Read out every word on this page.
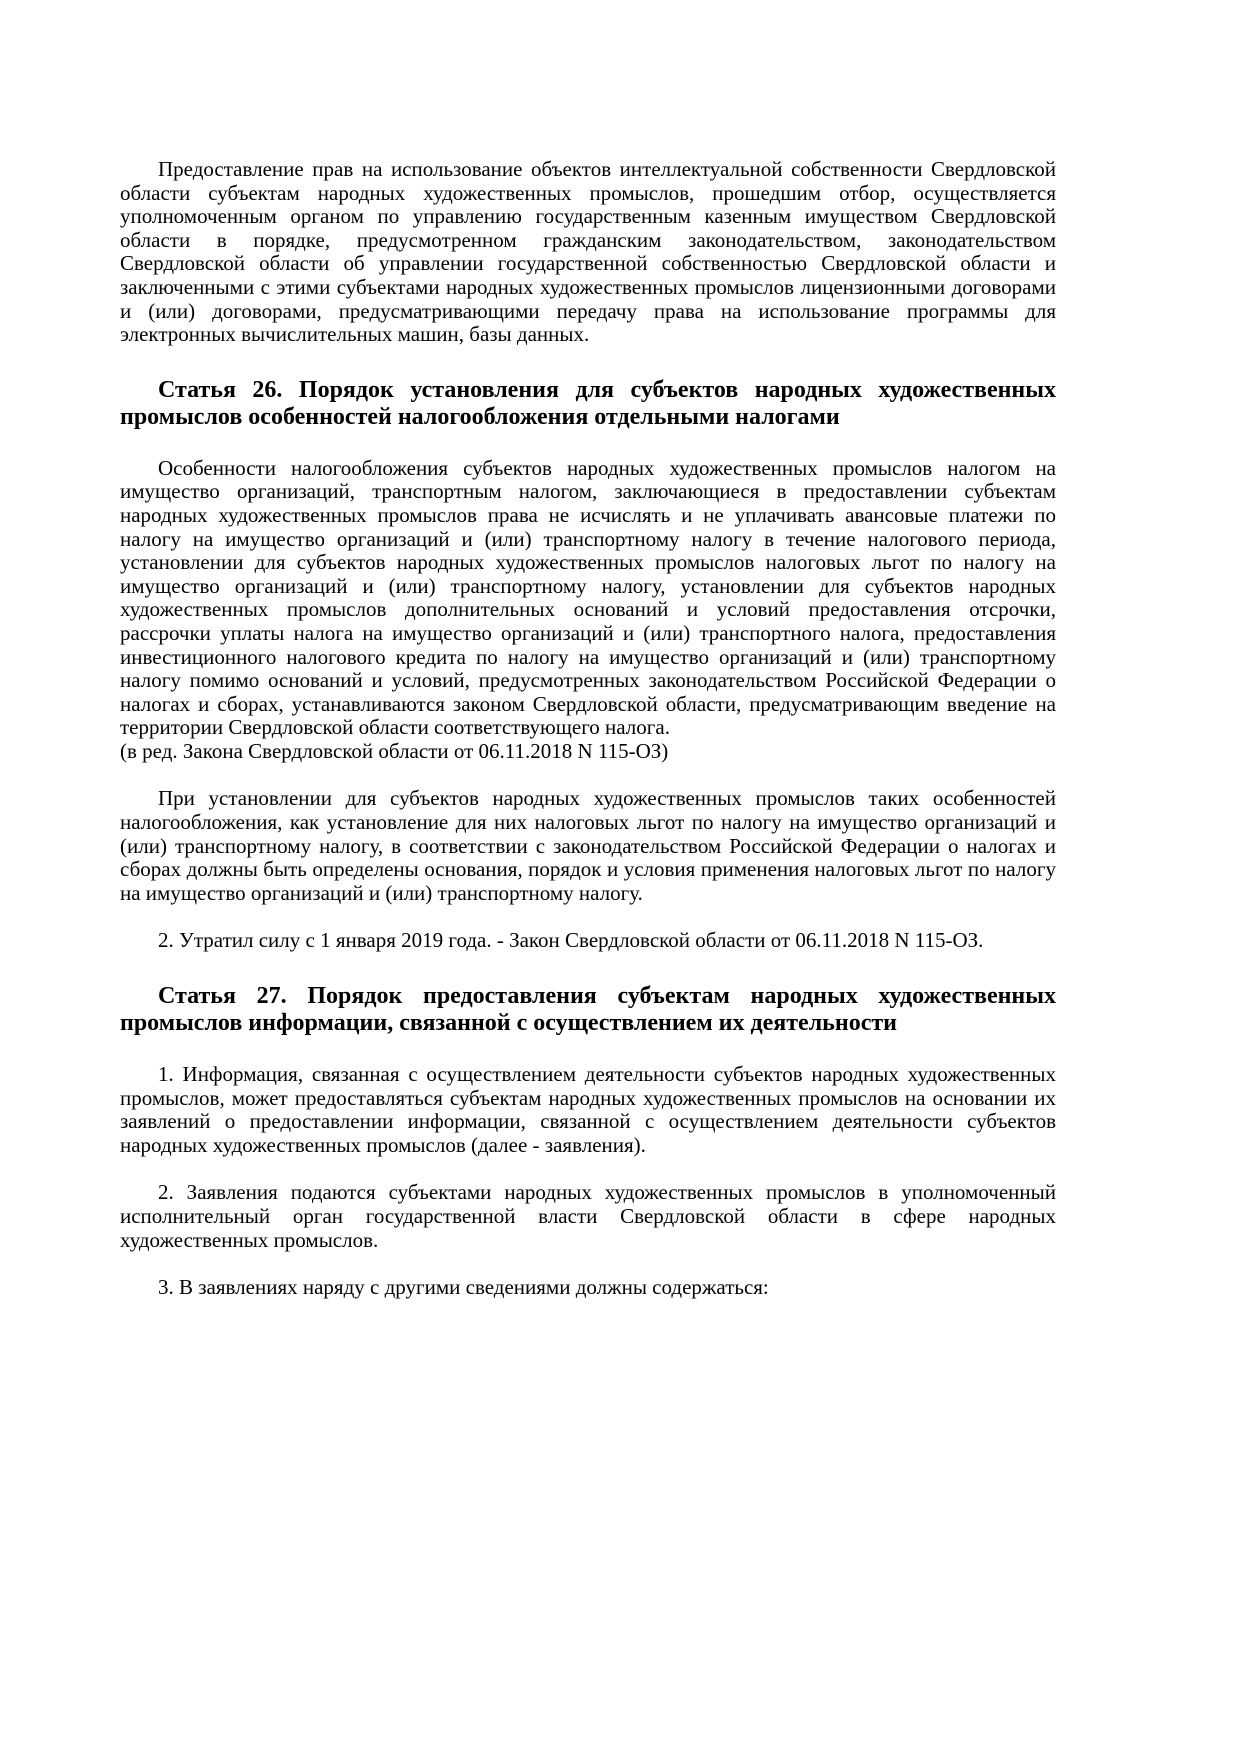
Предоставление прав на использование объектов интеллектуальной собственности Свердловской области субъектам народных художественных промыслов, прошедшим отбор, осуществляется уполномоченным органом по управлению государственным казенным имуществом Свердловской области в порядке, предусмотренном гражданским законодательством, законодательством Свердловской области об управлении государственной собственностью Свердловской области и заключенными с этими субъектами народных художественных промыслов лицензионными договорами и (или) договорами, предусматривающими передачу права на использование программы для электронных вычислительных машин, базы данных.

Статья 26. Порядок установления для субъектов народных художественных промыслов особенностей налогообложения отдельными налогами

Особенности налогообложения субъектов народных художественных промыслов налогом на имущество организаций, транспортным налогом, заключающиеся в предоставлении субъектам народных художественных промыслов права не исчислять и не уплачивать авансовые платежи по налогу на имущество организаций и (или) транспортному налогу в течение налогового периода, установлении для субъектов народных художественных промыслов налоговых льгот по налогу на имущество организаций и (или) транспортному налогу, установлении для субъектов народных художественных промыслов дополнительных оснований и условий предоставления отсрочки, рассрочки уплаты налога на имущество организаций и (или) транспортного налога, предоставления инвестиционного налогового кредита по налогу на имущество организаций и (или) транспортному налогу помимо оснований и условий, предусмотренных законодательством Российской Федерации о налогах и сборах, устанавливаются законом Свердловской области, предусматривающим введение на территории Свердловской области соответствующего налога.

(в ред. Закона Свердловской области от 06.11.2018 N 115-ОЗ)

При установлении для субъектов народных художественных промыслов таких особенностей налогообложения, как установление для них налоговых льгот по налогу на имущество организаций и (или) транспортному налогу, в соответствии с законодательством Российской Федерации о налогах и сборах должны быть определены основания, порядок и условия применения налоговых льгот по налогу на имущество организаций и (или) транспортному налогу.

2. Утратил силу с 1 января 2019 года. - Закон Свердловской области от 06.11.2018 N 115-ОЗ.

Статья 27. Порядок предоставления субъектам народных художественных промыслов информации, связанной с осуществлением их деятельности

1. Информация, связанная с осуществлением деятельности субъектов народных художественных промыслов, может предоставляться субъектам народных художественных промыслов на основании их заявлений о предоставлении информации, связанной с осуществлением деятельности субъектов народных художественных промыслов (далее - заявления).

2. Заявления подаются субъектами народных художественных промыслов в уполномоченный исполнительный орган государственной власти Свердловской области в сфере народных художественных промыслов.

3. В заявлениях наряду с другими сведениями должны содержаться:
